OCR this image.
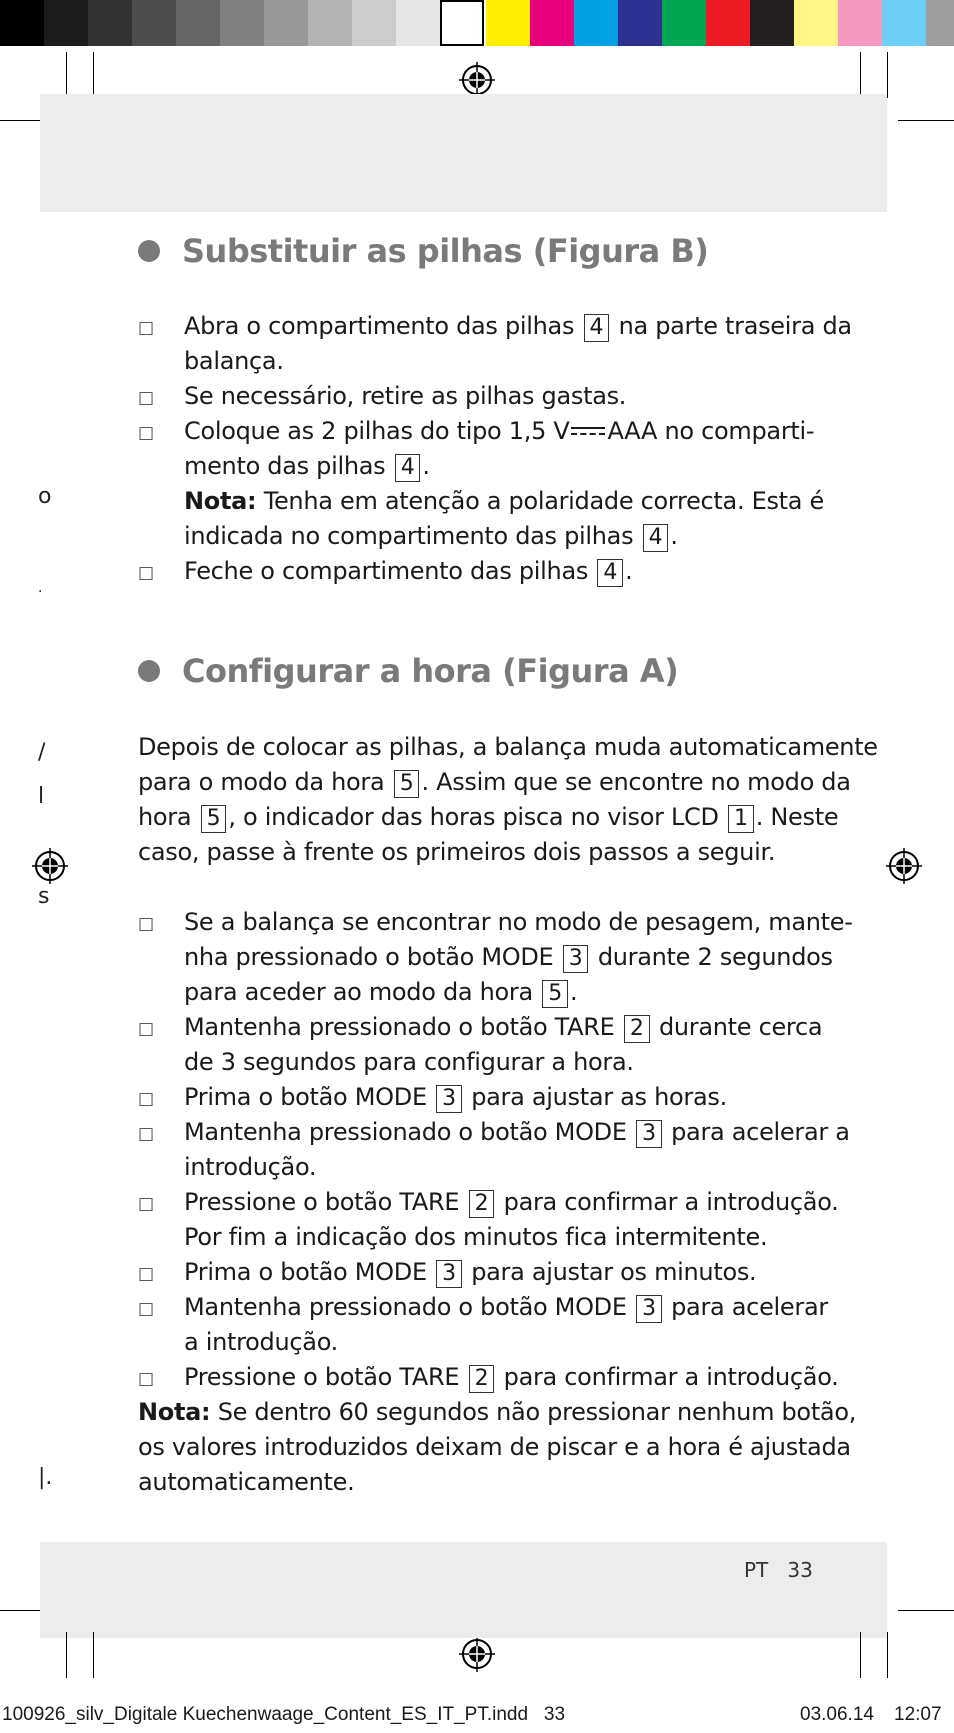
o
.
/
l
s
|.
Substituir as pilhas (Figura B)
□ Abra o compartimento das pilhas 4 na parte traseira da
balança.
□ Se necessário, retire as pilhas gastas.
□ Coloque as 2 pilhas do tipo 1,5 V AAA no comparti-
mento das pilhas 4 .
Nota: Tenha em atenção a polaridade correcta. Esta é
indicada no compartimento das pilhas 4 .
□ Feche o compartimento das pilhas 4 .
Configurar a hora (Figura A)
Depois de colocar as pilhas, a balança muda automaticamente
para o modo da hora 5 . Assim que se encontre no modo da
hora 5 , o indicador das horas pisca no visor LCD 1 . Neste
caso, passe à frente os primeiros dois passos a seguir.
□ Se a balança se encontrar no modo de pesagem, mante-
nha pressionado o botão MODE 3 durante 2 segundos
para aceder ao modo da hora 5 .
□ Mantenha pressionado o botão TARE 2 durante cerca
de 3 segundos para configurar a hora.
□ Prima o botão MODE 3 para ajustar as horas.
□ Mantenha pressionado o botão MODE 3 para acelerar a
introdução.
□ Pressione o botão TARE 2 para confirmar a introdução.
Por fim a indicação dos minutos fica intermitente.
□ Prima o botão MODE 3 para ajustar os minutos.
□ Mantenha pressionado o botão MODE 3 para acelerar
a introdução.
□ Pressione o botão TARE 2 para confirmar a introdução.
Nota: Se dentro 60 segundos não pressionar nenhum botão,
os valores introduzidos deixam de piscar e a hora é ajustada
automaticamente.
PT 33
100926_silv_Digitale Kuechenwaage_Content_ES_IT_PT.indd   33	03.06.14 12:07
